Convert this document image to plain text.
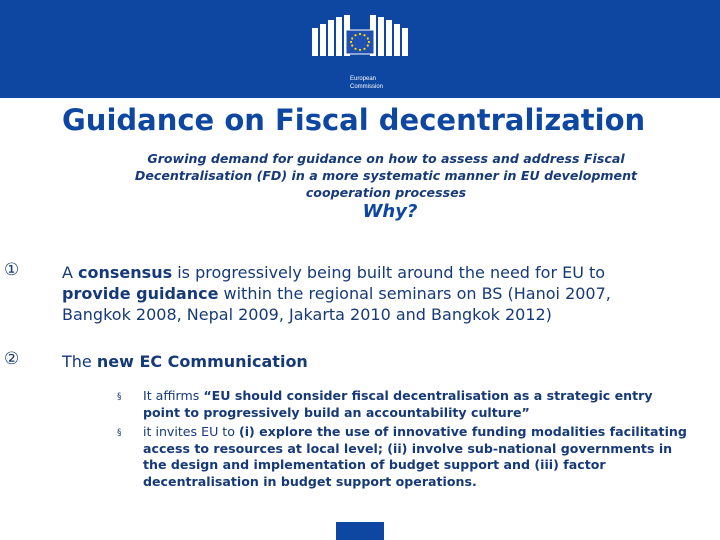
European
Commission
Guidance on Fiscal decentralization
Growing demand for guidance on how to assess and address Fiscal
Decentralisation (FD) in a more systematic manner in EU development
cooperation processes
Why?
①	A consensus is progressively being built around the need for EU to provide guidance within the regional seminars on BS (Hanoi 2007, Bangkok 2008, Nepal 2009, Jakarta 2010 and Bangkok 2012)
②	The new EC Communication
§ It affirms “EU should consider fiscal decentralisation as a strategic entry point to progressively build an accountability culture”
§ it invites EU to (i) explore the use of innovative funding modalities facilitating access to resources at local level; (ii) involve sub-national governments in the design and implementation of budget support and (iii) factor decentralisation in budget support operations.
